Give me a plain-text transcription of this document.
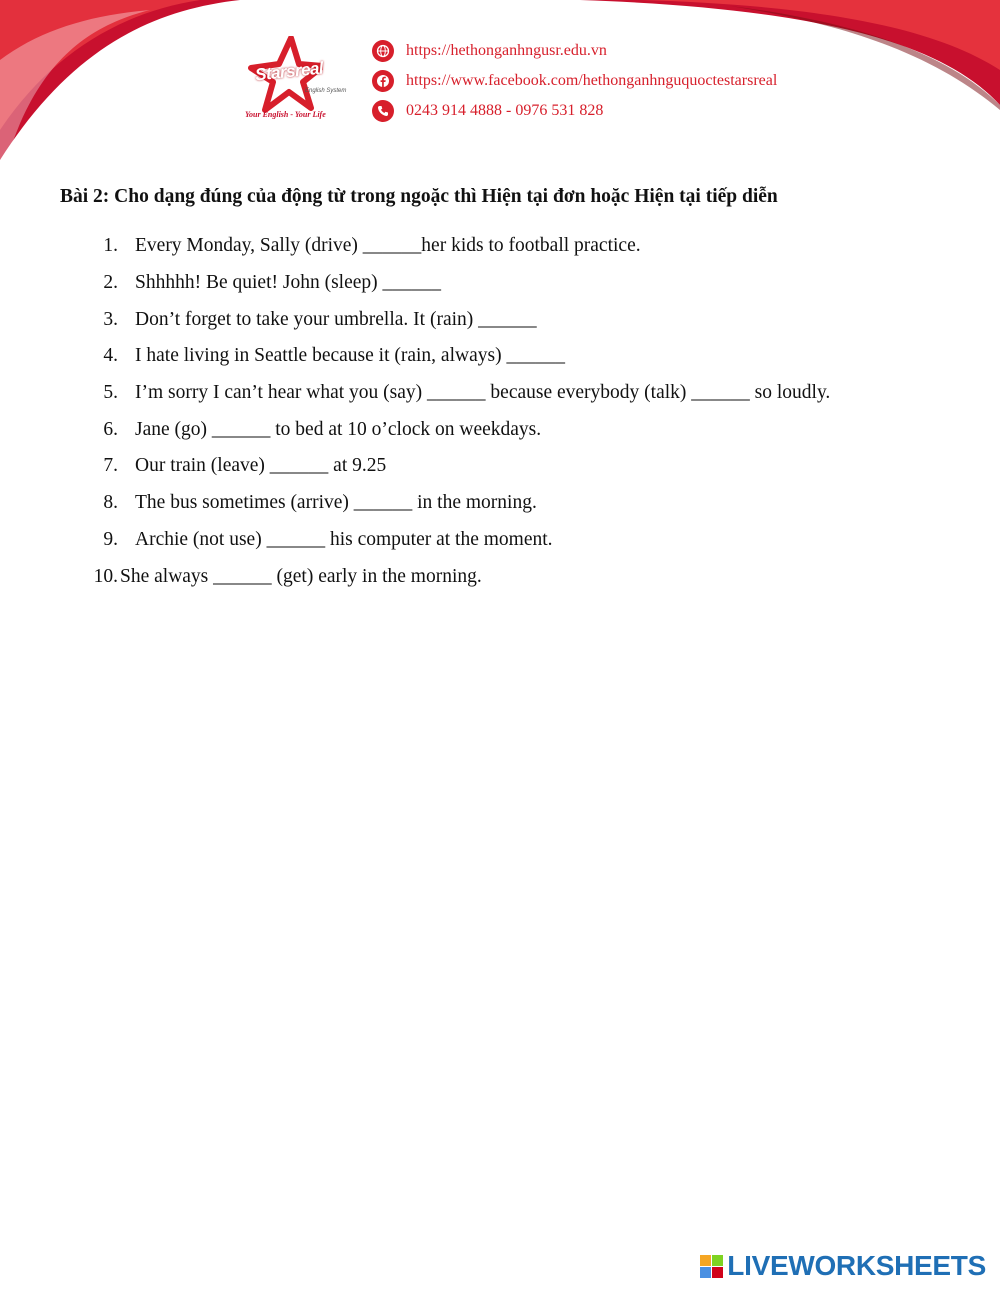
Starsreal
English System
Your English - Your Life
https://hethonganhngusr.edu.vn
https://www.facebook.com/hethonganhnguquoctestarsreal
0243 914 4888 - 0976 531 828
Bài 2: Cho dạng đúng của động từ trong ngoặc thì Hiện tại đơn hoặc Hiện tại tiếp diễn
1. Every Monday, Sally (drive) ______her kids to football practice.
2. Shhhhh! Be quiet! John (sleep) ______
3. Don’t forget to take your umbrella. It (rain) ______
4. I hate living in Seattle because it (rain, always) ______
5. I’m sorry I can’t hear what you (say) ______ because everybody (talk) ______ so loudly.
6. Jane (go) ______ to bed at 10 o’clock on weekdays.
7. Our train (leave) ______ at 9.25
8. The bus sometimes (arrive) ______ in the morning.
9. Archie (not use) ______ his computer at the moment.
10. She always ______ (get) early in the morning.
LIVEWORKSHEETS
